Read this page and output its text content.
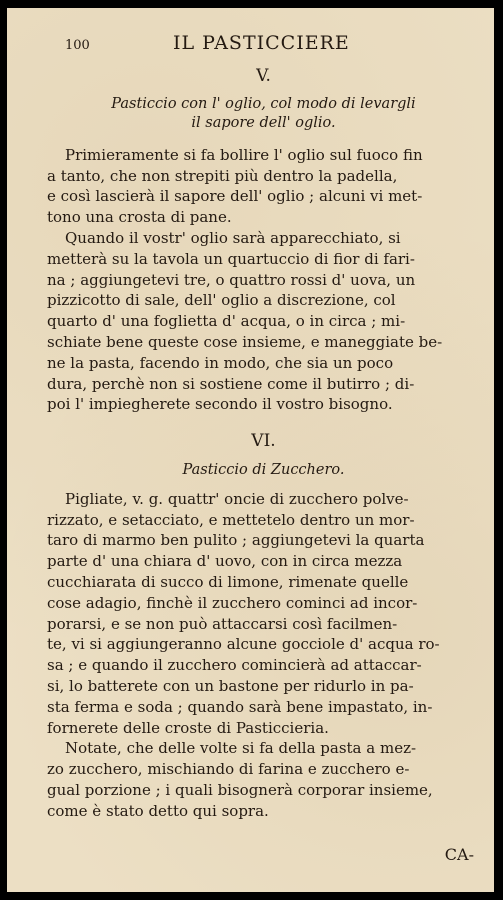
100	IL PASTICCIERE
V.
Pasticcio con l' oglio, col modo di levargli
il sapore dell' oglio.
Primieramente si fa bollire l' oglio sul fuoco fin
a tanto, che non strepiti più dentro la padella,
e così lascierà il sapore dell' oglio ; alcuni vi met-
tono una crosta di pane.
Quando il vostr' oglio sarà apparecchiato, si
metterà su la tavola un quartuccio di fior di fari-
na ; aggiungetevi tre, o quattro rossi d' uova, un
pizzicotto di sale, dell' oglio a discrezione, col
quarto d' una foglietta d' acqua, o in circa ; mi-
schiate bene queste cose insieme, e maneggiate be-
ne la pasta, facendo in modo, che sia un poco
dura, perchè non si sostiene come il butirro ; di-
poi l' impiegherete secondo il vostro bisogno.
VI.
Pasticcio di Zucchero.
Pigliate, v. g. quattr' oncie di zucchero polve-
rizzato, e setacciato, e mettetelo dentro un mor-
taro di marmo ben pulito ; aggiungetevi la quarta
parte d' una chiara d' uovo, con in circa mezza
cucchiarata di succo di limone, rimenate quelle
cose adagio, finchè il zucchero cominci ad incor-
porarsi, e se non può attaccarsi così facilmen-
te, vi si aggiungeranno alcune gocciole d' acqua ro-
sa ; e quando il zucchero comincierà ad attaccar-
si, lo batterete con un bastone per ridurlo in pa-
sta ferma e soda ; quando sarà bene impastato, in-
fornerete delle croste di Pasticcieria.
Notate, che delle volte si fa della pasta a mez-
zo zucchero, mischiando di farina e zucchero e-
gual porzione ; i quali bisognerà corporar insieme,
come è stato detto qui sopra.
CA-
